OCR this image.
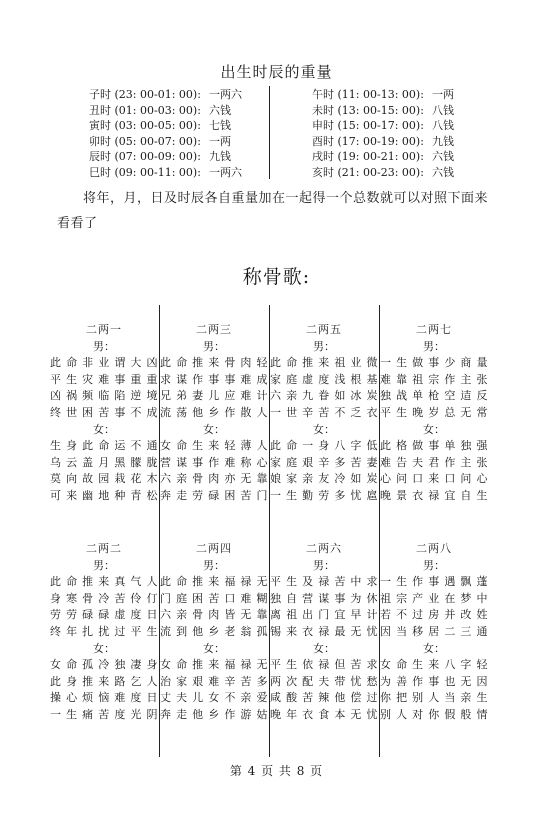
出生时辰的重量
子时 (23: 00-01: 00): 一两六
丑时 (01: 00-03: 00): 六钱
寅时 (03: 00-05: 00): 七钱
卯时 (05: 00-07: 00): 一两
辰时 (07: 00-09: 00): 九钱
巳时 (09: 00-11: 00): 一两六
午时 (11: 00-13: 00): 一两
未时 (13: 00-15: 00): 八钱
申时 (15: 00-17: 00): 八钱
酉时 (17: 00-19: 00): 九钱
戌时 (19: 00-21: 00): 六钱
亥时 (21: 00-23: 00): 六钱
将年，月，日及时辰各自重量加在一起得一个总数就可以对照下面来看看了
称骨歌:
二两一
男：
此命非业谓大凶
平生灾难事重重
凶祸频临陷逆境
终世困苦事不成
女：
生身此命运不通
乌云盖月黑朦胧
莫向故园栽花木
可来幽地种青松
二两三
男：
此命推来骨肉轻
求谋作事事难成
兄弟妻儿应难计
流荡他乡作散人
女：
女命生来轻薄人
营谋事作难称心
六亲骨肉亦无靠
奔走劳碌困苦门
二两五
男：
此命推来祖业微
家庭虚度浅根基
六亲九眷如冰炭
一世辛苦不乏衣
女：
此命一身八字低
家庭艰辛多苦妻
娘家亲友冷如炭
一生勤劳多忧扈
二两七
男：
一生做事少商量
难靠祖宗作主张
独战单枪空迼反
平生晚岁总无常
女：
此格做事单独强
难告夫君作主张
心问口来口问心
晚景衣禄宜自生
二两二
男：
此命推来真气人
身寒骨冷苦伶仃
劳劳碌碌虚度日
终年扎扰过平生
女：
女命孤冷独凄身
此身推来路乞人
操心烦恼难度日
一生痛苦度光阴
二两四
男：
此命推来福禄无
门庭困苦口难糊
六亲骨肉皆无靠
流到他乡老翁孤
女：
女命推来福禄无
治家艰难辛苦多
丈夫儿女不亲爱
奔走他乡作游姑
二两六
男：
平生及禄苦中求
独自营谋事为休
离祖出门宜早计
锡来衣禄最无忧
女：
平生依禄但苦求
两次配夫带忧愁
咸酸苦辣他偿过
晚年衣食本无忧
二两八
男：
一生作事遇飘蓬
祖宗产业在梦中
若不过房并改姓
因当移居二三通
女：
女命生来八字轻
为善作事也无因
你把别人当亲生
别人对你假般情
第 4 页 共 8 页
